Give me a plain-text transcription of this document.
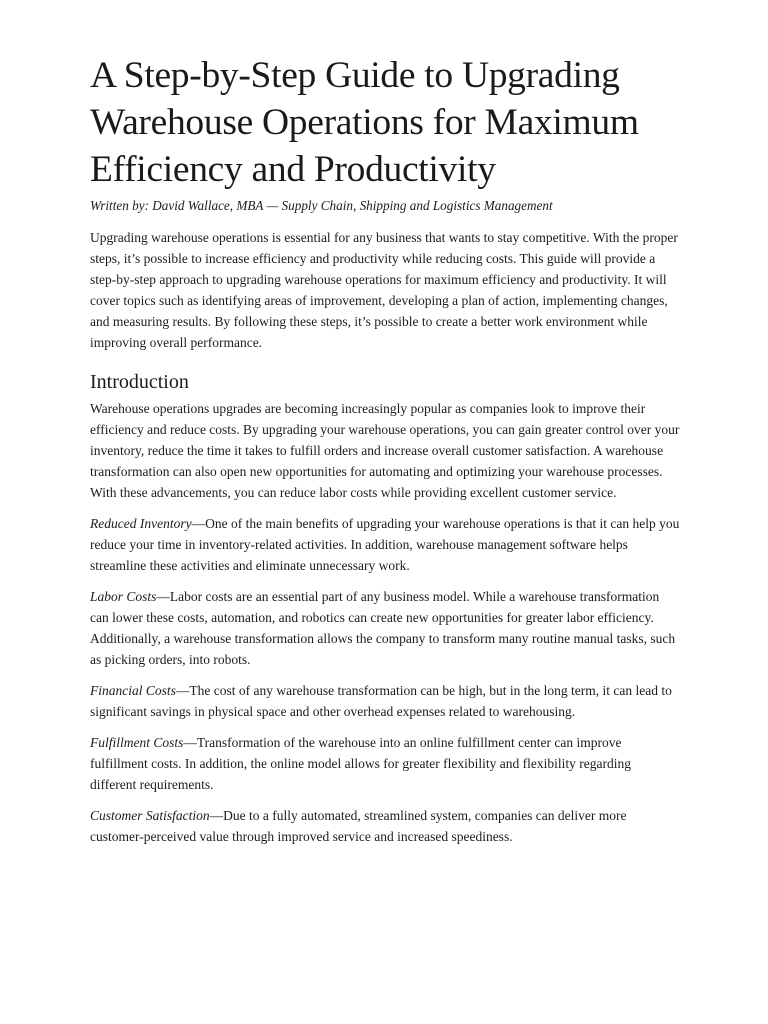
A Step-by-Step Guide to Upgrading Warehouse Operations for Maximum Efficiency and Productivity
Written by: David Wallace, MBA — Supply Chain, Shipping and Logistics Management

Upgrading warehouse operations is essential for any business that wants to stay competitive. With the proper steps, it’s possible to increase efficiency and productivity while reducing costs. This guide will provide a step-by-step approach to upgrading warehouse operations for maximum efficiency and productivity. It will cover topics such as identifying areas of improvement, developing a plan of action, implementing changes, and measuring results. By following these steps, it’s possible to create a better work environment while improving overall performance.

Introduction

Warehouse operations upgrades are becoming increasingly popular as companies look to improve their efficiency and reduce costs. By upgrading your warehouse operations, you can gain greater control over your inventory, reduce the time it takes to fulfill orders and increase overall customer satisfaction. A warehouse transformation can also open new opportunities for automating and optimizing your warehouse processes. With these advancements, you can reduce labor costs while providing excellent customer service.

Reduced Inventory—One of the main benefits of upgrading your warehouse operations is that it can help you reduce your time in inventory-related activities. In addition, warehouse management software helps streamline these activities and eliminate unnecessary work.

Labor Costs—Labor costs are an essential part of any business model. While a warehouse transformation can lower these costs, automation, and robotics can create new opportunities for greater labor efficiency. Additionally, a warehouse transformation allows the company to transform many routine manual tasks, such as picking orders, into robots.

Financial Costs—The cost of any warehouse transformation can be high, but in the long term, it can lead to significant savings in physical space and other overhead expenses related to warehousing.

Fulfillment Costs—Transformation of the warehouse into an online fulfillment center can improve fulfillment costs. In addition, the online model allows for greater flexibility and flexibility regarding different requirements.

Customer Satisfaction—Due to a fully automated, streamlined system, companies can deliver more customer-perceived value through improved service and increased speediness.
